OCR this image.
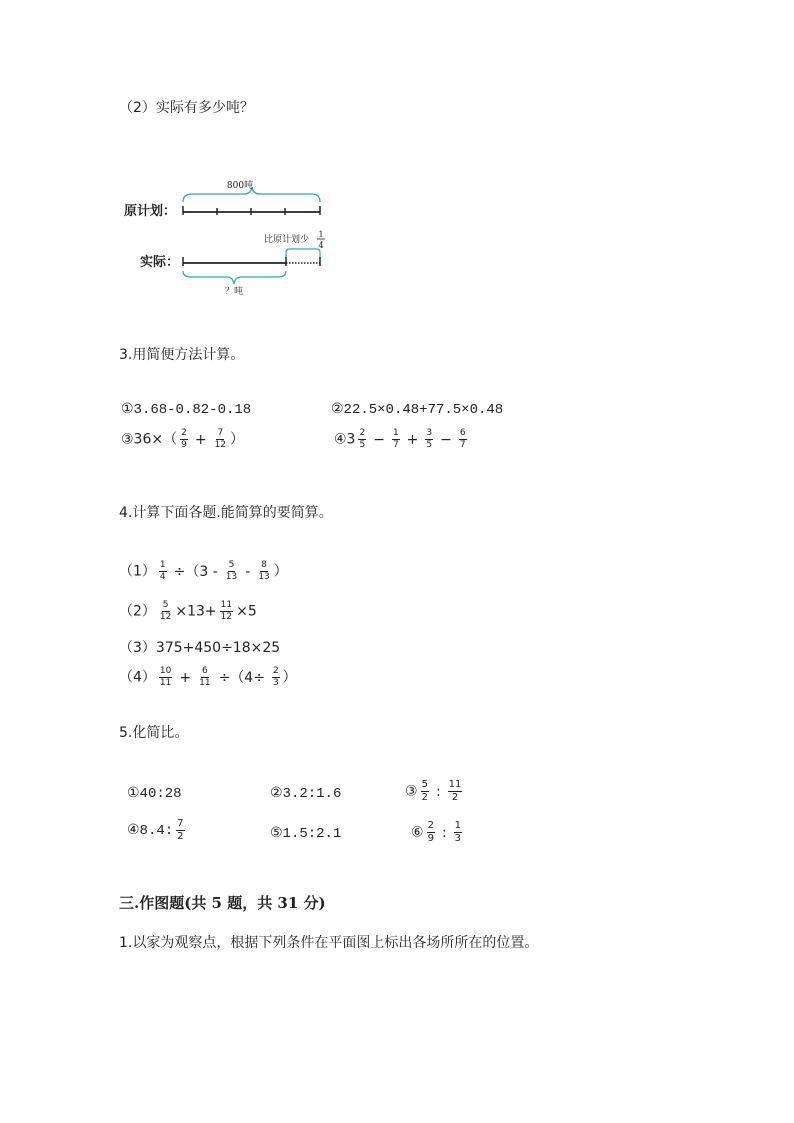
（2）实际有多少吨？
800吨
原计划：
比原计划少
1
4
实际：
？吨
3.用简便方法计算。
①3.68-0.82-0.18	②22.5×0.48+77.5×0.48
③36×（ $\frac{2}{9} + \frac{7}{12}$ ）	④3 $\frac{2}{5} - \frac{1}{7} + \frac{3}{5} - \frac{6}{7}$
4.计算下面各题.能简算的要简算。
$(1) \frac{1}{4} \div(3 - \frac{5}{13} - \frac{8}{13}$ ）
$(2) \frac{5}{12} \times 13+ \frac{11}{12} \times 5$
（3）375+450÷18×25
$(4) \frac{10}{11} + \frac{6}{11} \div(4\div \frac{2}{3}$ ）
5.化简比。
①40:28	②3.2:1.6	③ $\frac{5}{2}$ : $\frac{11}{2}$
④8.4: $\frac{7}{2}$	⑤1.5:2.1	⑥ $\frac{2}{9}$ : $\frac{1}{3}$
三.作图题(共 5 题，共 31 分)
1.以家为观察点，根据下列条件在平面图上标出各场所所在的位置。
